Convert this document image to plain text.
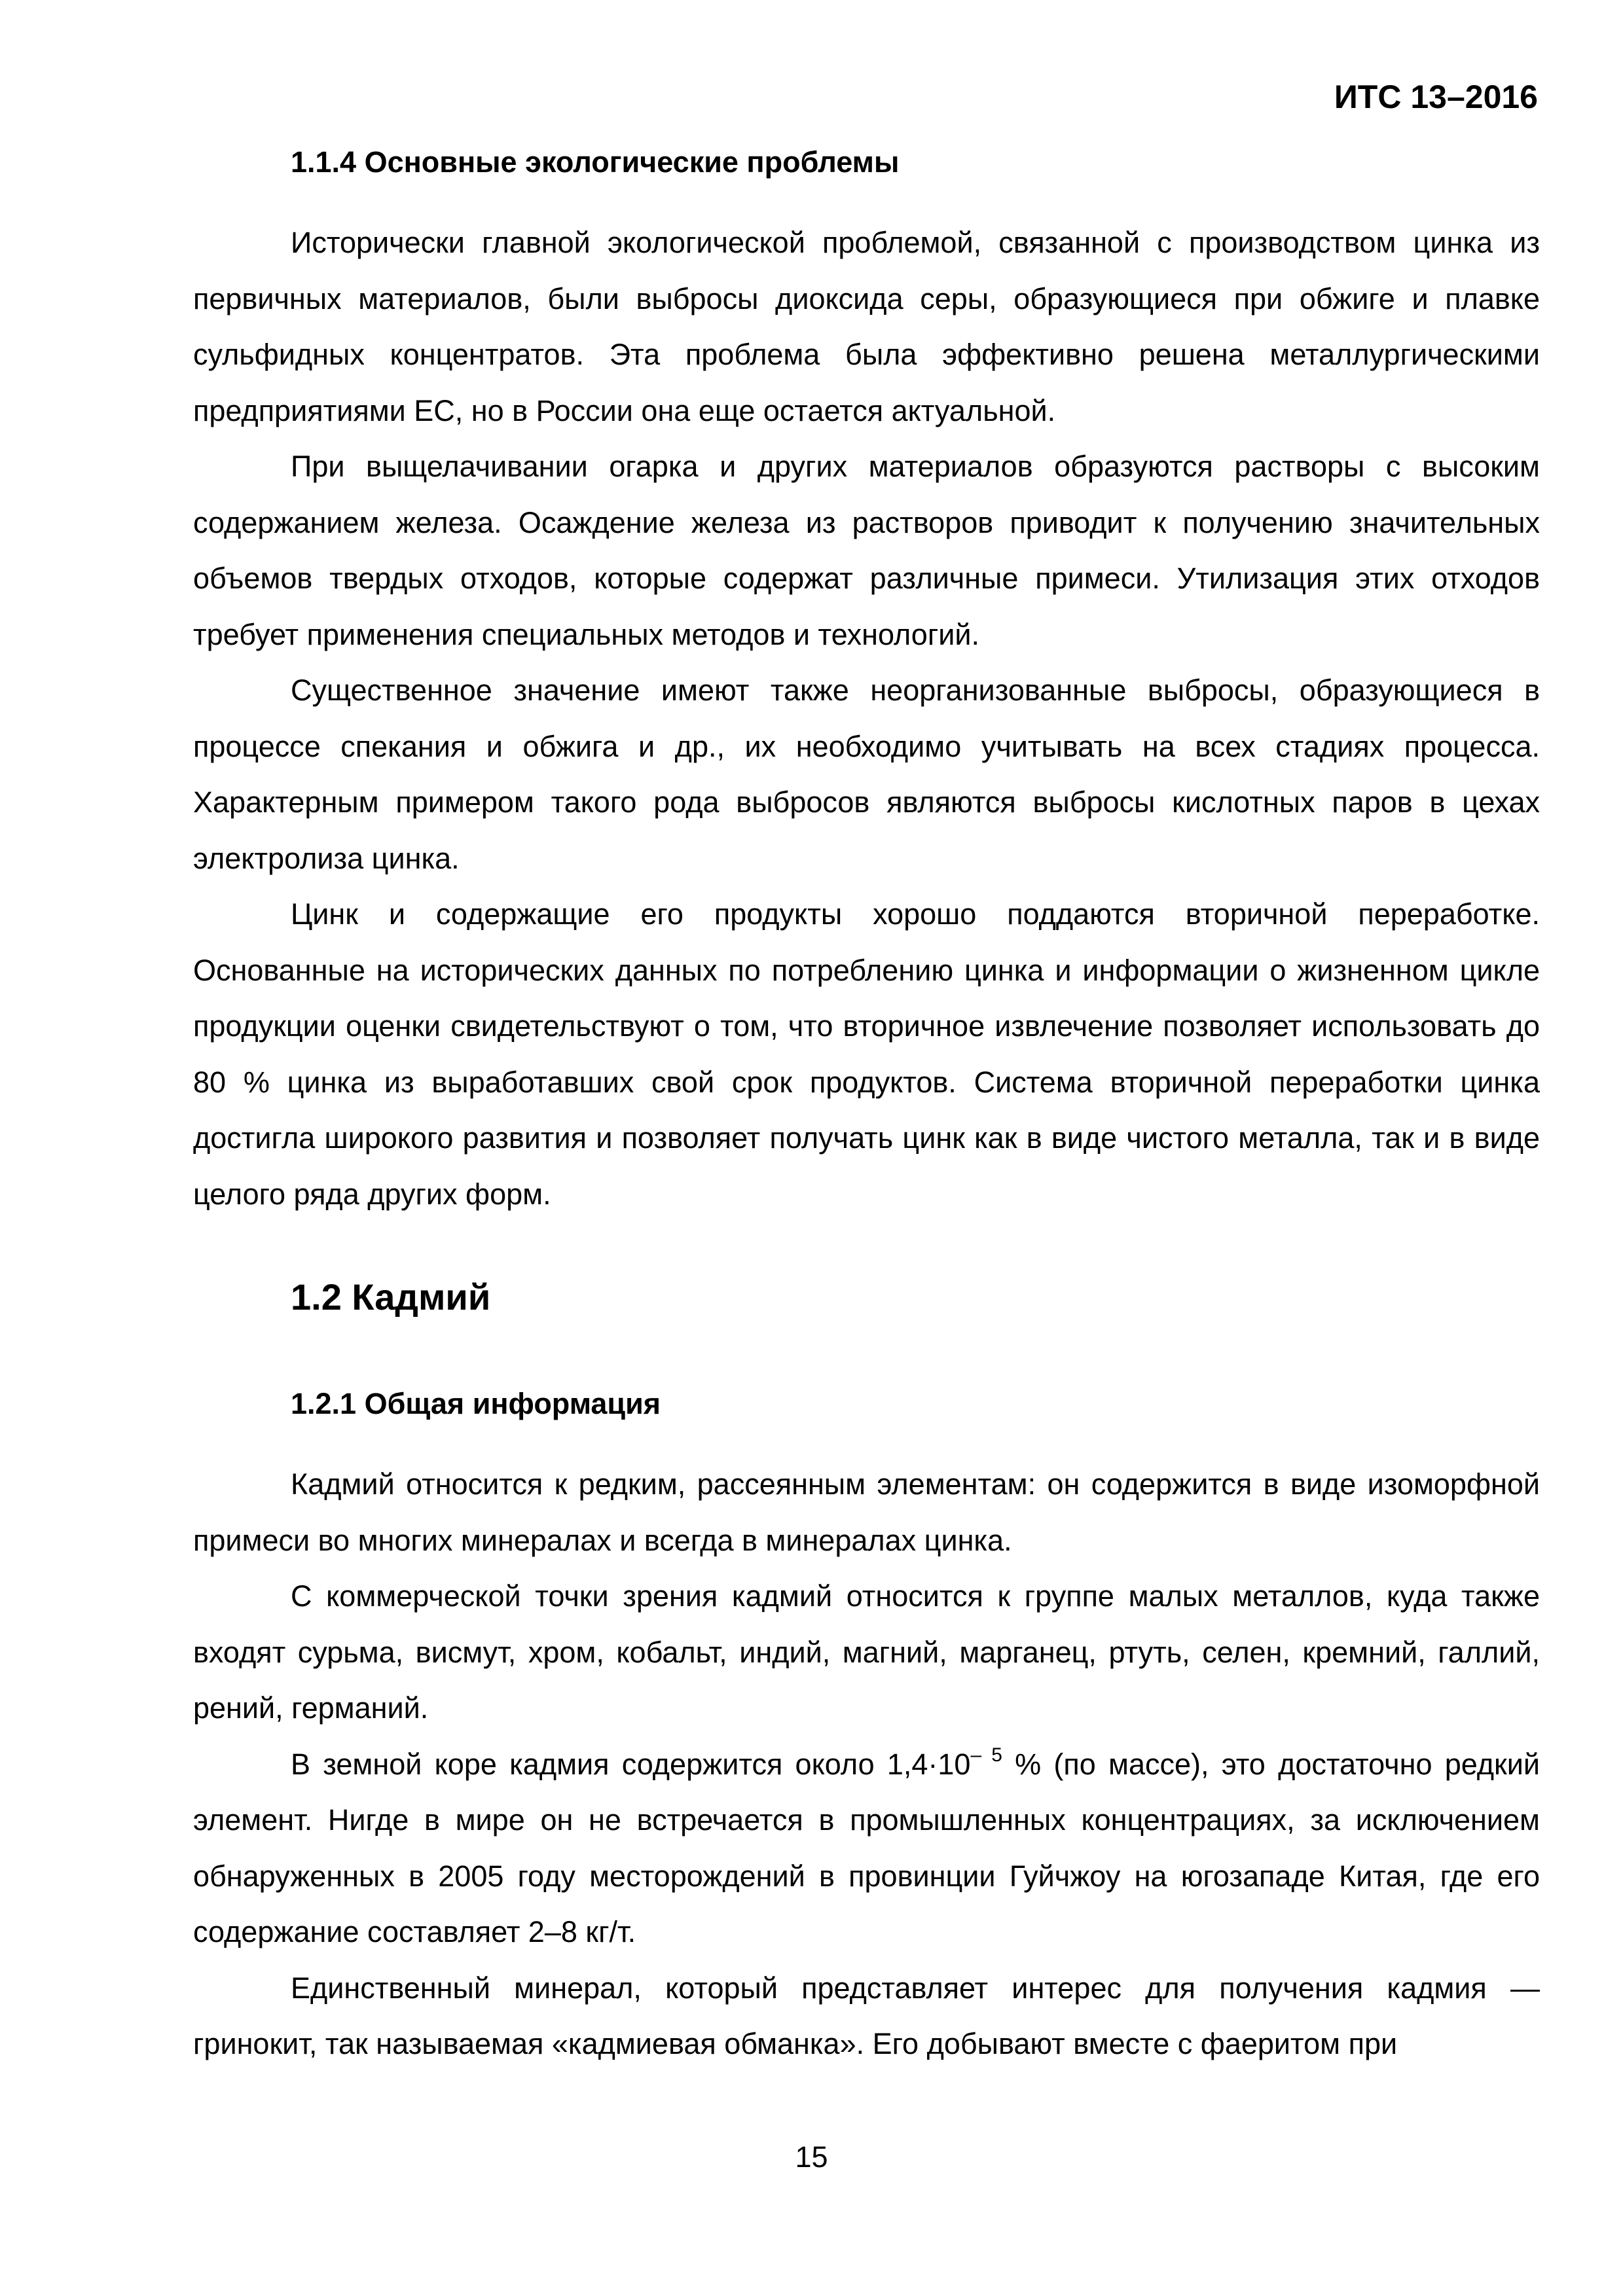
ИТС 13–2016

1.1.4 Основные экологические проблемы

Исторически главной экологической проблемой, связанной с производством цинка из первичных материалов, были выбросы диоксида серы, образующиеся при обжиге и плавке сульфидных концентратов. Эта проблема была эффективно решена металлургическими предприятиями ЕС, но в России она еще остается актуальной.

При выщелачивании огарка и других материалов образуются растворы с высоким содержанием железа. Осаждение железа из растворов приводит к получению значительных объемов твердых отходов, которые содержат различные примеси. Утилизация этих отходов требует применения специальных методов и технологий.

Существенное значение имеют также неорганизованные выбросы, образующиеся в процессе спекания и обжига и др., их необходимо учитывать на всех стадиях процесса. Характерным примером такого рода выбросов являются выбросы кислотных паров в цехах электролиза цинка.

Цинк и содержащие его продукты хорошо поддаются вторичной переработке. Основанные на исторических данных по потреблению цинка и информации о жизненном цикле продукции оценки свидетельствуют о том, что вторичное извлечение позволяет использовать до 80 % цинка из выработавших свой срок продуктов. Система вторичной переработки цинка достигла широкого развития и позволяет получать цинк как в виде чистого металла, так и в виде целого ряда других форм.

1.2 Кадмий

1.2.1 Общая информация

Кадмий относится к редким, рассеянным элементам: он содержится в виде изоморфной примеси во многих минералах и всегда в минералах цинка.

С коммерческой точки зрения кадмий относится к группе малых металлов, куда также входят сурьма, висмут, хром, кобальт, индий, магний, марганец, ртуть, селен, кремний, галлий, рений, германий.

В земной коре кадмия содержится около $1,4\cdot 10^{- 5}$ % (по массе), это достаточно редкий элемент. Нигде в мире он не встречается в промышленных концентрациях, за исключением обнаруженных в 2005 году месторождений в провинции Гуйчжоу на югозападе Китая, где его содержание составляет 2–8 кг/т.

Единственный минерал, который представляет интерес для получения кадмия — гринокит, так называемая «кадмиевая обманка». Его добывают вместе с фаеритом при

15
